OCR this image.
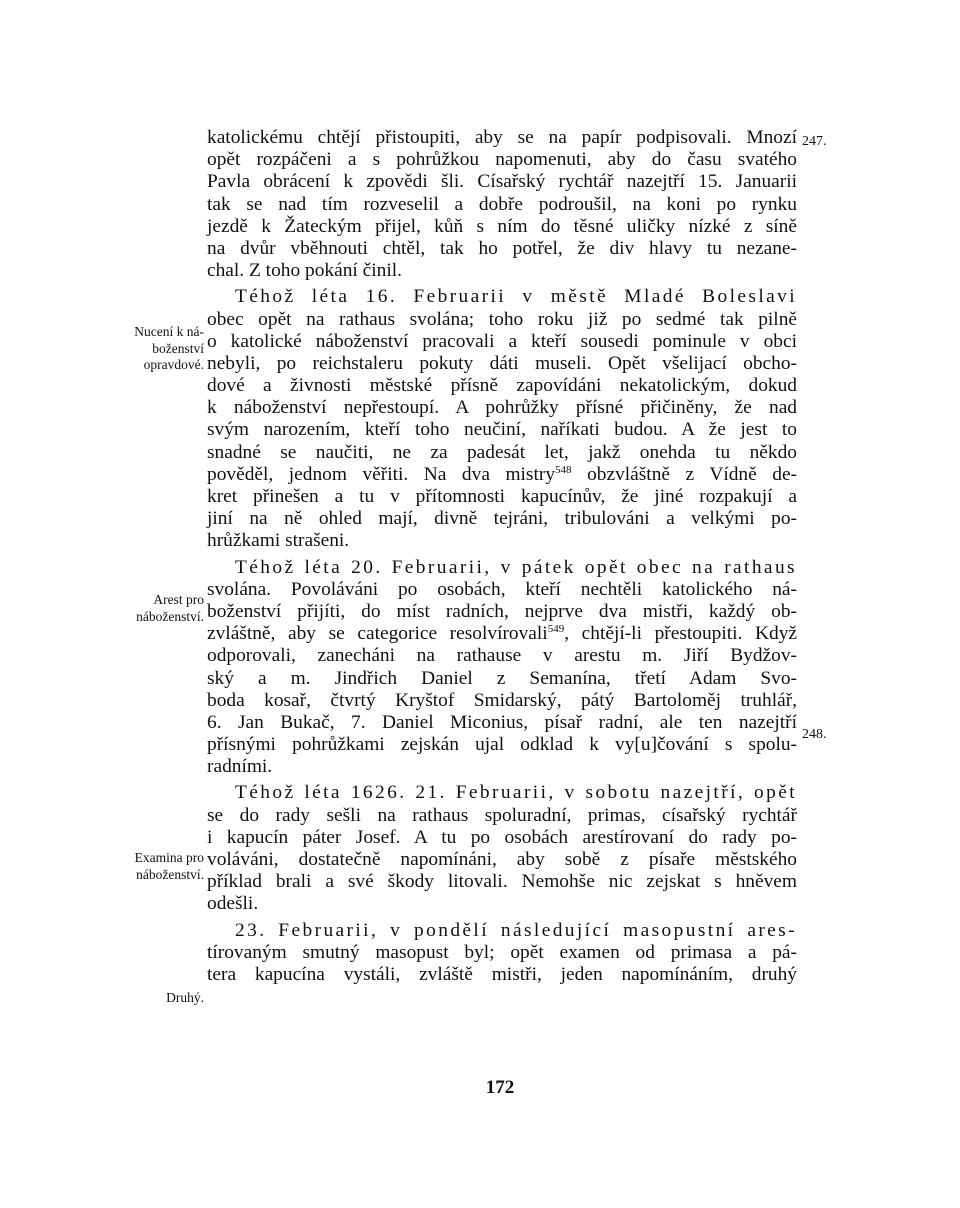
247.
248.
Nucení k ná-
boženství
opravdové.
Arest pro
náboženství.
Examina pro
náboženství.
Druhý.
katolickému chtějí přistoupiti, aby se na papír podpisovali. Mnozí
opět rozpáčeni a s pohrůžkou napomenuti, aby do času svatého
Pavla obrácení k zpovědi šli. Císařský rychtář nazejtří 15. Januarii
tak se nad tím rozveselil a dobře podroušil, na koni po rynku
jezdě k Žateckým přijel, kůň s ním do těsné uličky nízké z síně
na dvůr vběhnouti chtěl, tak ho potřel, že div hlavy tu nezane-
chal. Z toho pokání činil.
Téhož léta 16. Februarii v městě Mladé Boleslavi
obec opět na rathaus svolána; toho roku již po sedmé tak pilně
o katolické náboženství pracovali a kteří sousedi pominule v obci
nebyli, po reichstaleru pokuty dáti museli. Opět všelijací obcho-
dové a živnosti městské přísně zapovídáni nekatolickým, dokud
k náboženství nepřestoupí. A pohrůžky přísné přičiněny, že nad
svým narozením, kteří toho neučiní, naříkati budou. A že jest to
snadné se naučiti, ne za padesát let, jakž onehda tu někdo
pověděl, jednom věřiti. Na dva mistry$^{548}$ obzvláštně z Vídně de-
kret přinešen a tu v přítomnosti kapucínův, že jiné rozpakují a
jiní na ně ohled mají, divně tejráni, tribulováni a velkými po-
hrůžkami strašeni.
Téhož léta 20. Februarii, v pátek opět obec na rathaus
svolána. Povoláváni po osobách, kteří nechtěli katolického ná-
boženství přijíti, do míst radních, nejprve dva mistři, každý ob-
zvláštně, aby se categorice resolvírovali$^{549}$, chtějí-li přestoupiti. Když
odporovali, zanecháni na rathause v arestu m. Jiří Bydžov-
ský a m. Jindřich Daniel z Semanína, třetí Adam Svo-
boda kosař, čtvrtý Kryštof Smidarský, pátý Bartoloměj truhlář,
6. Jan Bukač, 7. Daniel Miconius, písař radní, ale ten nazejtří
přísnými pohrůžkami zejskán ujal odklad k vy[u]čování s spolu-
radními.
Téhož léta 1626. 21. Februarii, v sobotu nazejtří, opět
se do rady sešli na rathaus spoluradní, primas, císařský rychtář
i kapucín páter Josef. A tu po osobách arestírovaní do rady po-
voláváni, dostatečně napomínáni, aby sobě z písaře městského
příklad brali a své škody litovali. Nemohše nic zejskat s hněvem
odešli.
23. Februarii, v pondělí následující masopustní ares-
tírovaným smutný masopust byl; opět examen od primasa a pá-
tera kapucína vystáli, zvláště mistři, jeden napomínáním, druhý
172
